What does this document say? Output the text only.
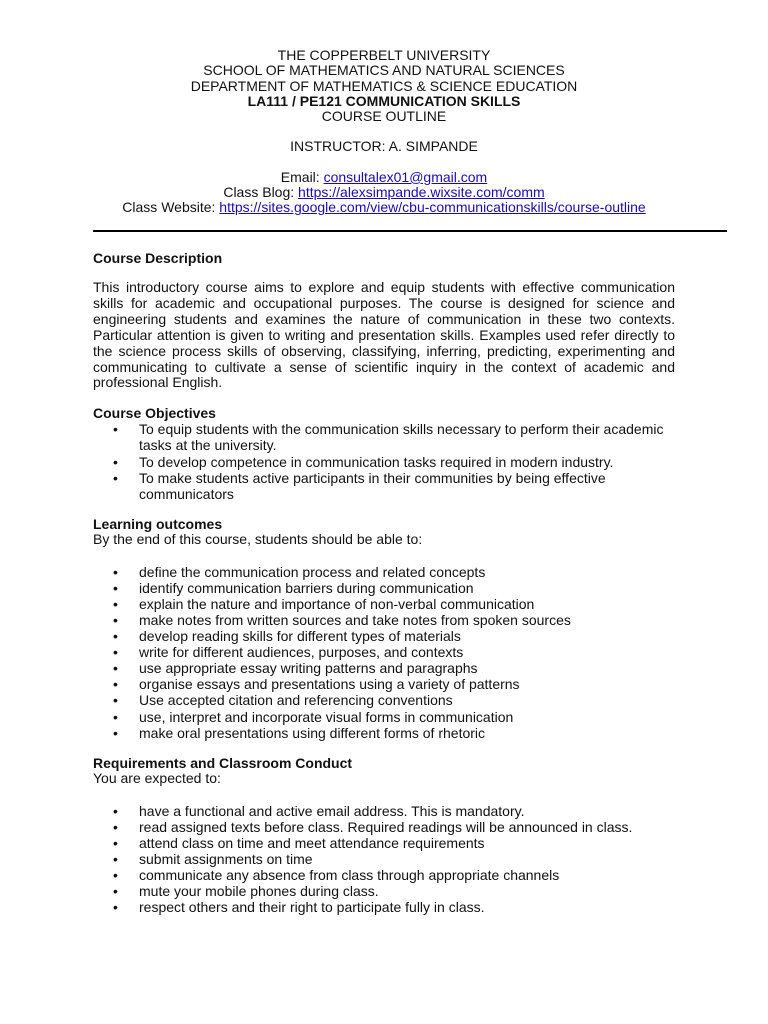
THE COPPERBELT UNIVERSITY
SCHOOL OF MATHEMATICS AND NATURAL SCIENCES
DEPARTMENT OF MATHEMATICS & SCIENCE EDUCATION
LA111 / PE121 COMMUNICATION SKILLS
COURSE OUTLINE
INSTRUCTOR: A. SIMPANDE
Email: consultalex01@gmail.com
Class Blog: https://alexsimpande.wixsite.com/comm
Class Website: https://sites.google.com/view/cbu-communicationskills/course-outline
Course Description

This introductory course aims to explore and equip students with effective communication skills for academic and occupational purposes. The course is designed for science and engineering students and examines the nature of communication in these two contexts. Particular attention is given to writing and presentation skills. Examples used refer directly to the science process skills of observing, classifying, inferring, predicting, experimenting and communicating to cultivate a sense of scientific inquiry in the context of academic and professional English.

Course Objectives
• To equip students with the communication skills necessary to perform their academic tasks at the university.
• To develop competence in communication tasks required in modern industry.
• To make students active participants in their communities by being effective communicators
Learning outcomes

By the end of this course, students should be able to:

• define the communication process and related concepts
• identify communication barriers during communication
• explain the nature and importance of non-verbal communication
• make notes from written sources and take notes from spoken sources
• develop reading skills for different types of materials
• write for different audiences, purposes, and contexts
• use appropriate essay writing patterns and paragraphs
• organise essays and presentations using a variety of patterns
• Use accepted citation and referencing conventions
• use, interpret and incorporate visual forms in communication
• make oral presentations using different forms of rhetoric
Requirements and Classroom Conduct

You are expected to:

• have a functional and active email address. This is mandatory.
• read assigned texts before class. Required readings will be announced in class.
• attend class on time and meet attendance requirements
• submit assignments on time
• communicate any absence from class through appropriate channels
• mute your mobile phones during class.
• respect others and their right to participate fully in class.
